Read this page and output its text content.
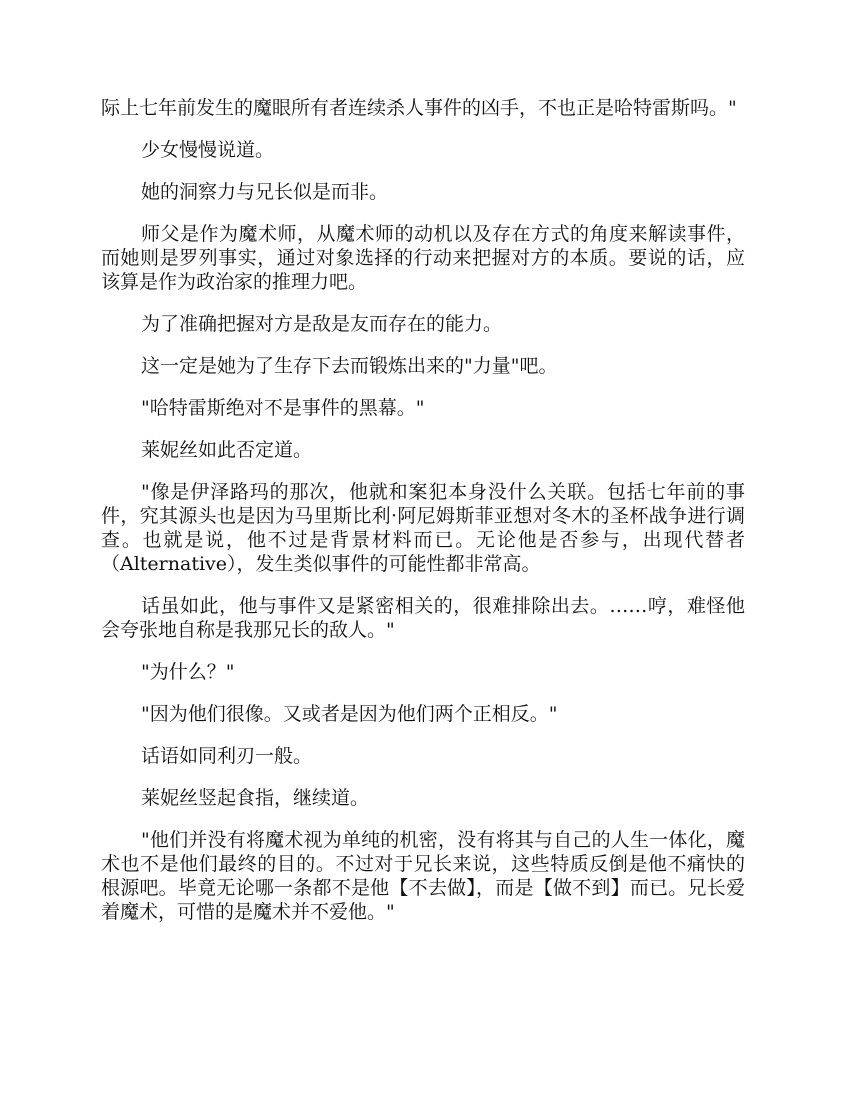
际上七年前发生的魔眼所有者连续杀人事件的凶手，不也正是哈特雷斯吗。"

少女慢慢说道。

她的洞察力与兄长似是而非。

师父是作为魔术师，从魔术师的动机以及存在方式的角度来解读事件，而她则是罗列事实，通过对象选择的行动来把握对方的本质。要说的话，应该算是作为政治家的推理力吧。

为了准确把握对方是敌是友而存在的能力。

这一定是她为了生存下去而锻炼出来的"力量"吧。

"哈特雷斯绝对不是事件的黑幕。"

莱妮丝如此否定道。

"像是伊泽路玛的那次，他就和案犯本身没什么关联。包括七年前的事件，究其源头也是因为马里斯比利·阿尼姆斯菲亚想对冬木的圣杯战争进行调查。也就是说，他不过是背景材料而已。无论他是否参与，出现代替者（Alternative），发生类似事件的可能性都非常高。

话虽如此，他与事件又是紧密相关的，很难排除出去。……哼，难怪他会夸张地自称是我那兄长的敌人。"

"为什么？"

"因为他们很像。又或者是因为他们两个正相反。"

话语如同利刃一般。

莱妮丝竖起食指，继续道。

"他们并没有将魔术视为单纯的机密，没有将其与自己的人生一体化，魔术也不是他们最终的目的。不过对于兄长来说，这些特质反倒是他不痛快的根源吧。毕竟无论哪一条都不是他【不去做】，而是【做不到】而已。兄长爱着魔术，可惜的是魔术并不爱他。"
